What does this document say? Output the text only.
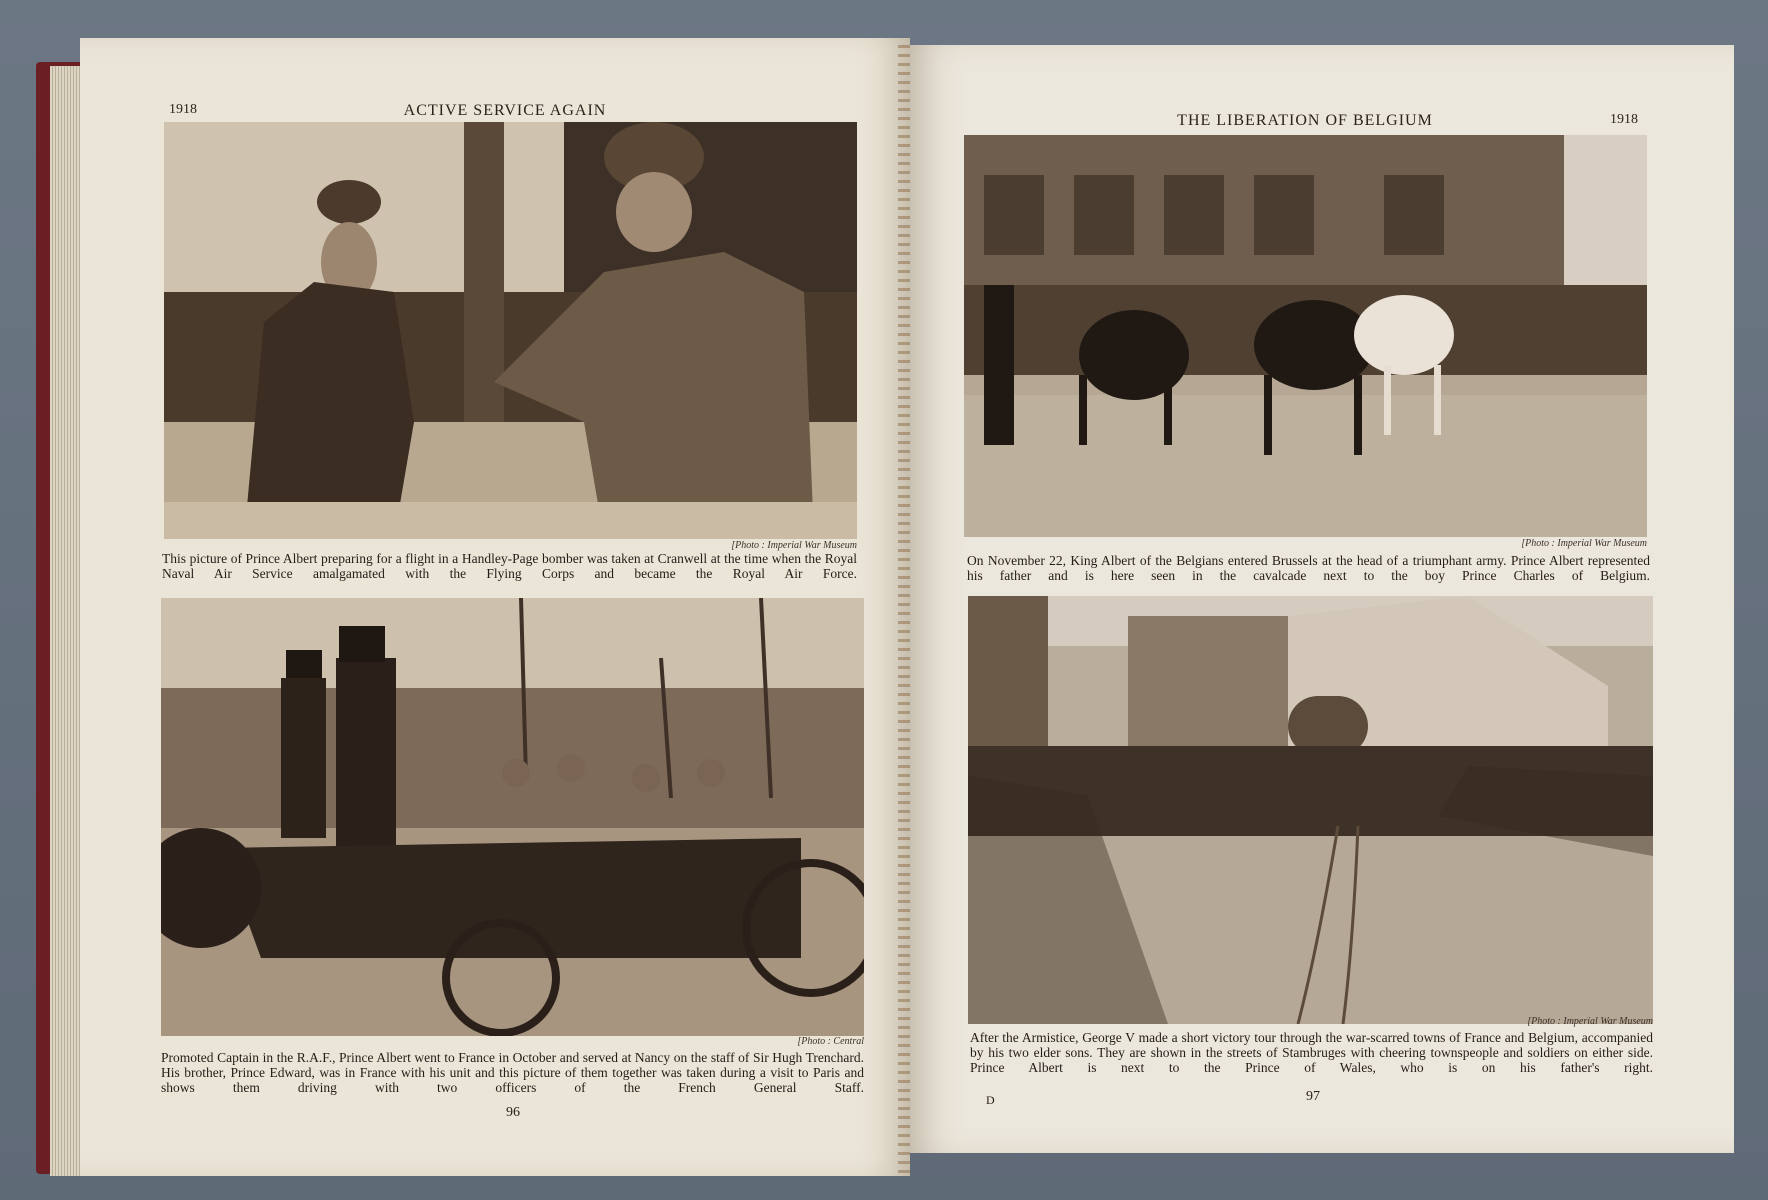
1918	ACTIVE SERVICE AGAIN
[Photo : Imperial War Museum
This picture of Prince Albert preparing for a flight in a Handley-Page bomber was taken at Cranwell at the time when the Royal Naval Air Service amalgamated with the Flying Corps and became the Royal Air Force.
[Photo : Central
Promoted Captain in the R.A.F., Prince Albert went to France in October and served at Nancy on the staff of Sir Hugh Trenchard. His brother, Prince Edward, was in France with his unit and this picture of them together was taken during a visit to Paris and shows them driving with two officers of the French General Staff.
96
THE LIBERATION OF BELGIUM	1918
[Photo : Imperial War Museum
On November 22, King Albert of the Belgians entered Brussels at the head of a triumphant army. Prince Albert represented his father and is here seen in the cavalcade next to the boy Prince Charles of Belgium.
[Photo : Imperial War Museum
After the Armistice, George V made a short victory tour through the war-scarred towns of France and Belgium, accompanied by his two elder sons. They are shown in the streets of Stambruges with cheering townspeople and soldiers on either side. Prince Albert is next to the Prince of Wales, who is on his father's right.
D	97
